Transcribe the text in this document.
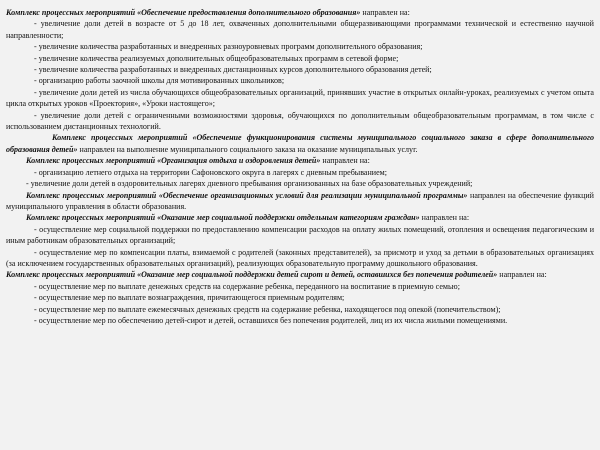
Комплекс процессных мероприятий «Обеспечение предоставления дополнительного образования» направлен на:

- увеличение доли детей в возрасте от 5 до 18 лет, охваченных дополнительными общеразвивающими программами технической и естественно научной направленности;

- увеличение количества разработанных и внедренных разноуровневых программ дополнительного образования;

- увеличение количества реализуемых дополнительных общеобразовательных программ в сетевой форме;

- увеличение количества разработанных и внедренных дистанционных курсов дополнительного образования детей;

- организацию работы заочной школы для мотивированных школьников;

- увеличение доли детей из числа обучающихся общеобразовательных организаций, принявших участие в открытых онлайн-уроках, реализуемых с учетом опыта цикла открытых уроков «Проектория», «Уроки настоящего»;

- увеличение доли детей с ограниченными возможностями здоровья, обучающихся по дополнительным общеобразовательным программам, в том числе с использованием дистанционных технологий.

Комплекс процессных мероприятий «Обеспечение функционирования системы муниципального социального заказа в сфере дополнительного образования детей» направлен на выполнение муниципального социального заказа на оказание муниципальных услуг.

Комплекс процессных мероприятий «Организация отдыха и оздоровления детей» направлен на:

- организацию летнего отдыха на территории Сафоновского округа в лагерях с дневным пребыванием;

- увеличение доли детей в оздоровительных лагерях дневного пребывания организованных на базе образовательных учреждений;

Комплекс процессных мероприятий «Обеспечение организационных условий для реализации муниципальной программы» направлен на обеспечение функций муниципального управления в области образования.

Комплекс процессных мероприятий «Оказание мер социальной поддержки отдельным категориям граждан» направлен на:

- осуществление мер социальной поддержки по предоставлению компенсации расходов на оплату жилых помещений, отопления и освещения педагогическим и иным работникам образовательных организаций;

- осуществление мер по компенсации платы, взимаемой с родителей (законных представителей), за присмотр и уход за детьми в образовательных организациях (за исключением государственных образовательных организаций), реализующих образовательную программу дошкольного образования.

Комплекс процессных мероприятий «Оказание мер социальной поддержки детей сирот и детей, оставшихся без попечения родителей» направлен на:

- осуществление мер по выплате денежных средств на содержание ребенка, переданного на воспитание в приемную семью;

- осуществление мер по выплате вознаграждения, причитающегося приемным родителям;

- осуществление мер по выплате ежемесячных денежных средств на содержание ребенка, находящегося под опекой (попечительством);

- осуществление мер по обеспечению детей-сирот и детей, оставшихся без попечения родителей, лиц из их числа жилыми помещениями.
